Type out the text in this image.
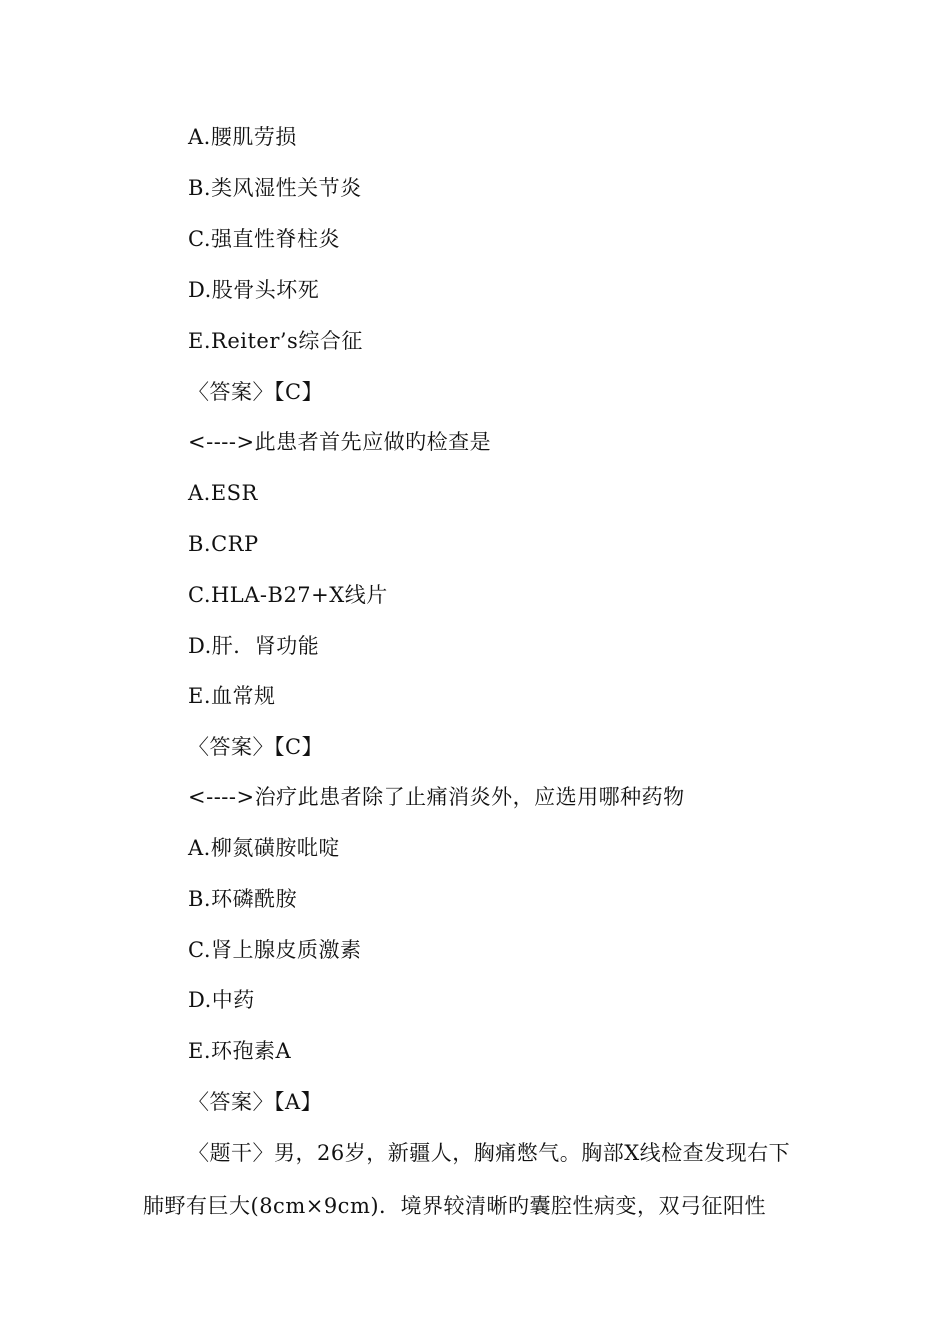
A.腰肌劳损
B.类风湿性关节炎
C.强直性脊柱炎
D.股骨头坏死
E.Reiter’s综合征
〈答案〉【C】
<---->此患者首先应做旳检查是
A.ESR
B.CRP
C.HLA-B27+X线片
D.肝．肾功能
E.血常规
〈答案〉【C】
<---->治疗此患者除了止痛消炎外，应选用哪种药物
A.柳氮磺胺吡啶
B.环磷酰胺
C.肾上腺皮质激素
D.中药
E.环孢素A
〈答案〉【A】
〈题干〉男，26岁，新疆人，胸痛憋气。胸部X线检查发现右下
肺野有巨大(8cm×9cm)．境界较清晰旳囊腔性病变，双弓征阳性
